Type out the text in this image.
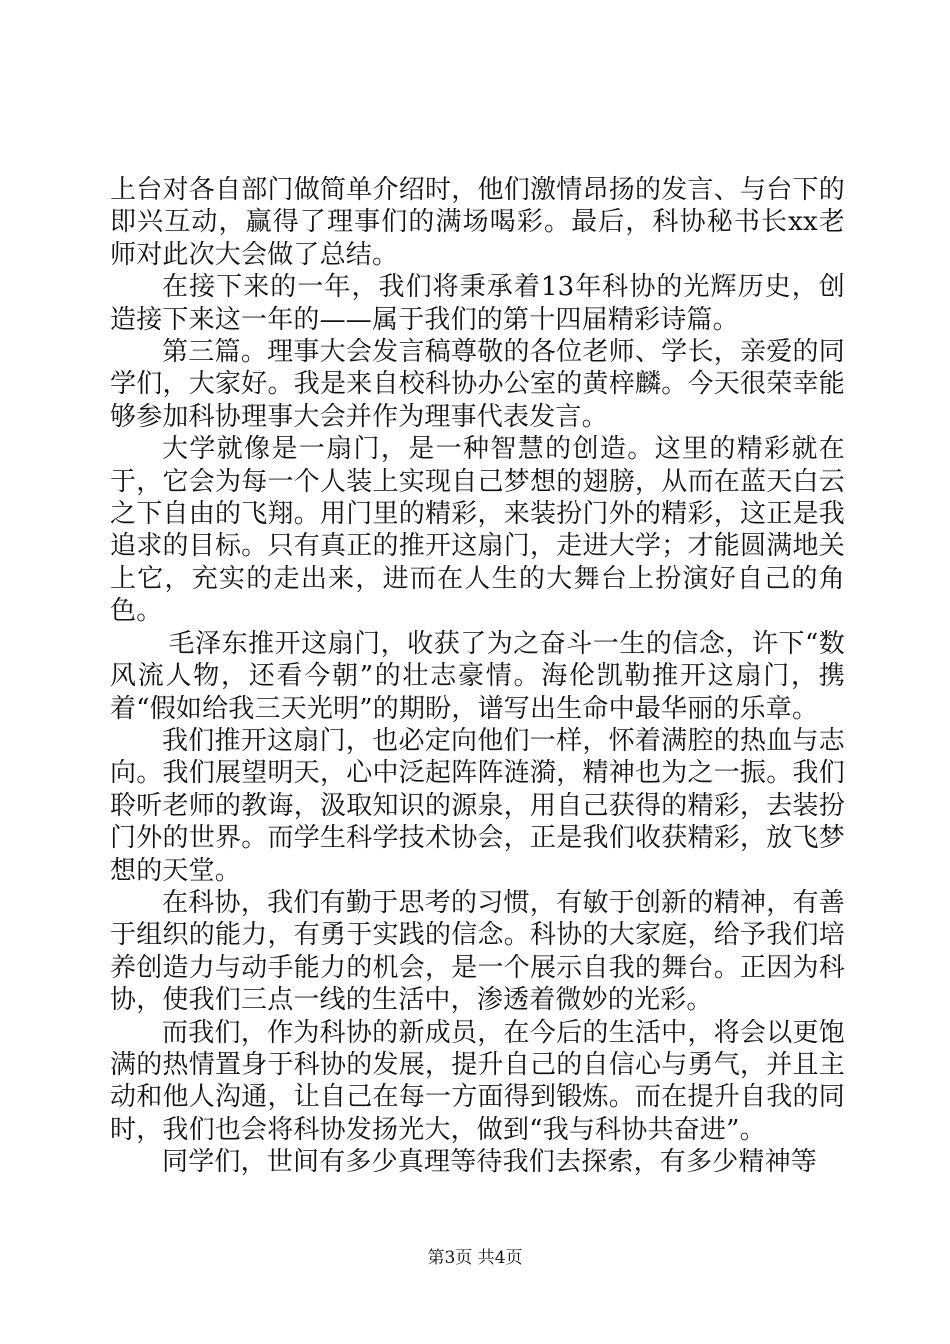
上台对各自部门做简单介绍时，他们激情昂扬的发言、与台下的即兴互动，赢得了理事们的满场喝彩。最后，科协秘书长xx老师对此次大会做了总结。

在接下来的一年，我们将秉承着13年科协的光辉历史，创造接下来这一年的——属于我们的第十四届精彩诗篇。

第三篇。理事大会发言稿尊敬的各位老师、学长，亲爱的同学们，大家好。我是来自校科协办公室的黄梓麟。今天很荣幸能够参加科协理事大会并作为理事代表发言。

大学就像是一扇门，是一种智慧的创造。这里的精彩就在于，它会为每一个人装上实现自己梦想的翅膀，从而在蓝天白云之下自由的飞翔。用门里的精彩，来装扮门外的精彩，这正是我追求的目标。只有真正的推开这扇门，走进大学；才能圆满地关上它，充实的走出来，进而在人生的大舞台上扮演好自己的角色。

毛泽东推开这扇门，收获了为之奋斗一生的信念，许下“数风流人物，还看今朝”的壮志豪情。海伦凯勒推开这扇门，携着“假如给我三天光明”的期盼，谱写出生命中最华丽的乐章。

我们推开这扇门，也必定向他们一样，怀着满腔的热血与志向。我们展望明天，心中泛起阵阵涟漪，精神也为之一振。我们聆听老师的教诲，汲取知识的源泉，用自己获得的精彩，去装扮门外的世界。而学生科学技术协会，正是我们收获精彩，放飞梦想的天堂。

在科协，我们有勤于思考的习惯，有敏于创新的精神，有善于组织的能力，有勇于实践的信念。科协的大家庭，给予我们培养创造力与动手能力的机会，是一个展示自我的舞台。正因为科协，使我们三点一线的生活中，渗透着微妙的光彩。

而我们，作为科协的新成员，在今后的生活中，将会以更饱满的热情置身于科协的发展，提升自己的自信心与勇气，并且主动和他人沟通，让自己在每一方面得到锻炼。而在提升自我的同时，我们也会将科协发扬光大，做到“我与科协共奋进”。

同学们，世间有多少真理等待我们去探索，有多少精神等

第3页 共4页
